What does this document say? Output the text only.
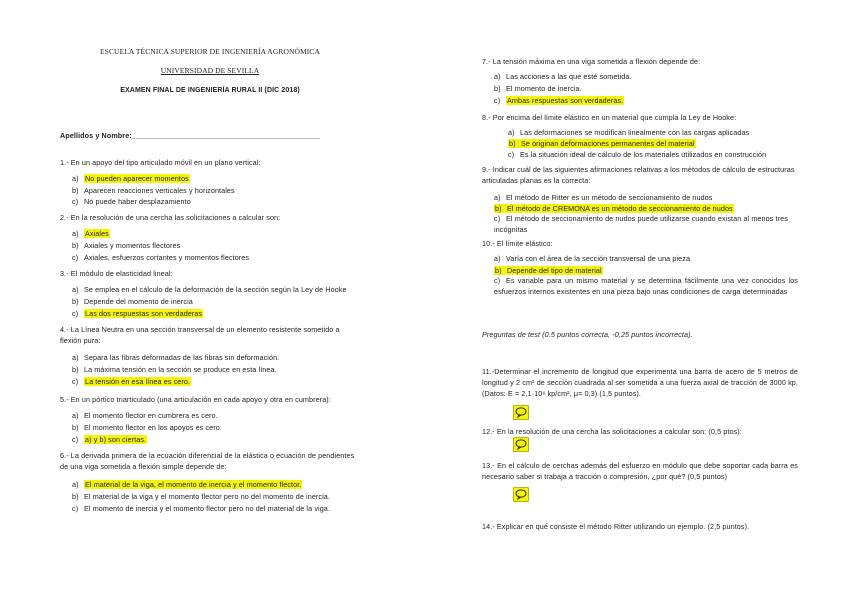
ESCUELA TÉCNICA SUPERIOR DE INGENIERÍA AGRONÓMICA
UNIVERSIDAD DE SEVILLA
EXAMEN FINAL DE INGENIERÍA RURAL II (DIC 2018)
Apellidos y Nombre:______________________________________________
1.- En un apoyo del tipo articulado móvil en un plano vertical:
a) No pueden aparecer momentos
b) Aparecen reacciones verticales y horizontales
c) No puede haber desplazamiento
2.- En la resolución de una cercha las solicitaciones a calcular son:
a) Axiales
b) Axiales y momentos flectores
c) Axiales, esfuerzos cortantes y momentos flectores
3.- El módulo de elasticidad lineal:
a) Se emplea en el cálculo de la deformación de la sección según la Ley de Hooke
b) Depende del momento de inercia
c) Las dos respuestas son verdaderas
4.- La Línea Neutra en una sección transversal de un elemento resistente sometido a flexión pura:
a) Separa las fibras deformadas de las fibras sin deformación.
b) La máxima tensión en la sección se produce en esta línea.
c) La tensión en esa línea es cero.
5.- En un pórtico triarticulado (una articulación en cada apoyo y otra en cumbrera):
a) El momento flector en cumbrera es cero.
b) El momento flector en los apoyos es cero.
c) a) y b) son ciertas.
6.- La derivada primera de la ecuación diferencial de la elástica o ecuación de pendientes de una viga sometida a flexión simple depende de:
a) El material de la viga, el momento de inercia y el momento flector.
b) El material de la viga y el momento flector pero no del momento de inercia.
c) El momento de inercia y el momento flector pero no del material de la viga.
7.- La tensión máxima en una viga sometida a flexión depende de:
a) Las acciones a las que esté sometida.
b) El momento de inercia.
c) Ambas respuestas son verdaderas.
8.- Por encima del límite elástico en un material que cumpla la Ley de Hooke:
a) Las deformaciones se modifican linealmente con las cargas aplicadas
b) Se originan deformaciones permanentes del material
c) Es la situación ideal de cálculo de los materiales utilizados en construcción
9.- Indicar cuál de las siguientes afirmaciones relativas a los métodos de cálculo de estructuras articuladas planas es la correcta:
a) El método de Ritter es un método de seccionamiento de nudos
b) El método de CREMONA es un método de seccionamiento de nudos
c) El método de seccionamiento de nudos puede utilizarse cuando existan al menos tres incógnitas
10.- El límite elástico:
a) Varía con el área de la sección transversal de una pieza
b) Depende del tipo de material
c) Es variable para un mismo material y se determina fácilmente una vez conocidos los esfuerzos internos existentes en una pieza bajo unas condiciones de carga determinadas
Preguntas de test (0.5 puntos correcta, -0,25 puntos incorrecta).
11.-Determinar el incremento de longitud que experimenta una barra de acero de 5 metros de longitud y 2 cm² de sección cuadrada al ser sometida a una fuerza axial de tracción de 3000 kp. (Datos: E = 2,1·10⁶ kp/cm², μ= 0,3) (1,5 puntos).
12.- En la resolución de una cercha las solicitaciones a calcular son: (0,5 ptos):
13.- En el cálculo de cerchas además del esfuerzo en módulo que debe soportar cada barra es necesario saber si trabaja a tracción o compresión, ¿por qué? (0,5 puntos)
14.- Explicar en qué consiste el método Ritter utilizando un ejemplo. (2,5 puntos).
